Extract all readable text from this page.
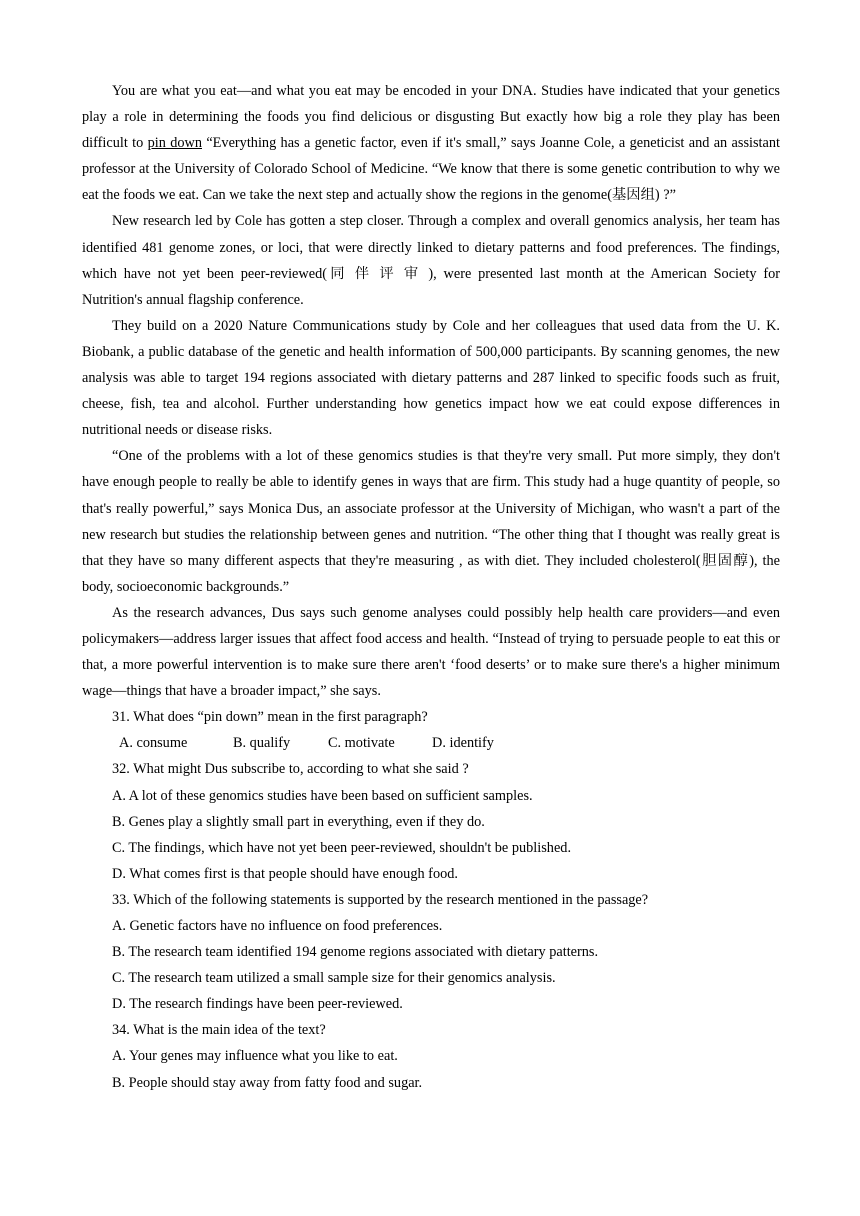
You are what you eat—and what you eat may be encoded in your DNA. Studies have indicated that your genetics play a role in determining the foods you find delicious or disgusting But exactly how big a role they play has been difficult to pin down “Everything has a genetic factor, even if it's small,” says Joanne Cole, a geneticist and an assistant professor at the University of Colorado School of Medicine. “We know that there is some genetic contribution to why we eat the foods we eat. Can we take the next step and actually show the regions in the genome(基因组) ?”

New research led by Cole has gotten a step closer. Through a complex and overall genomics analysis, her team has identified 481 genome zones, or loci, that were directly linked to dietary patterns and food preferences. The findings, which have not yet been peer-reviewed(同伴评审), were presented last month at the American Society for Nutrition's annual flagship conference.

They build on a 2020 Nature Communications study by Cole and her colleagues that used data from the U. K. Biobank, a public database of the genetic and health information of 500,000 participants. By scanning genomes, the new analysis was able to target 194 regions associated with dietary patterns and 287 linked to specific foods such as fruit, cheese, fish, tea and alcohol. Further understanding how genetics impact how we eat could expose differences in nutritional needs or disease risks.

“One of the problems with a lot of these genomics studies is that they're very small. Put more simply, they don't have enough people to really be able to identify genes in ways that are firm. This study had a huge quantity of people, so that's really powerful,” says Monica Dus, an associate professor at the University of Michigan, who wasn't a part of the new research but studies the relationship between genes and nutrition. “The other thing that I thought was really great is that they have so many different aspects that they're measuring , as with diet. They included cholesterol(胆固醇), the body, socioeconomic backgrounds.”

As the research advances, Dus says such genome analyses could possibly help health care providers—and even policymakers—address larger issues that affect food access and health. “Instead of trying to persuade people to eat this or that, a more powerful intervention is to make sure there aren't ‘food deserts’ or to make sure there's a higher minimum wage—things that have a broader impact,” she says.

31. What does “pin down” mean in the first paragraph?

A. consume	B. qualify	C. motivate	D. identify

32. What might Dus subscribe to, according to what she said ?

A. A lot of these genomics studies have been based on sufficient samples.

B. Genes play a slightly small part in everything, even if they do.

C. The findings, which have not yet been peer-reviewed, shouldn't be published.

D. What comes first is that people should have enough food.

33. Which of the following statements is supported by the research mentioned in the passage?

A. Genetic factors have no influence on food preferences.

B. The research team identified 194 genome regions associated with dietary patterns.

C. The research team utilized a small sample size for their genomics analysis.

D. The research findings have been peer-reviewed.

34. What is the main idea of the text?

A. Your genes may influence what you like to eat.

B. People should stay away from fatty food and sugar.
